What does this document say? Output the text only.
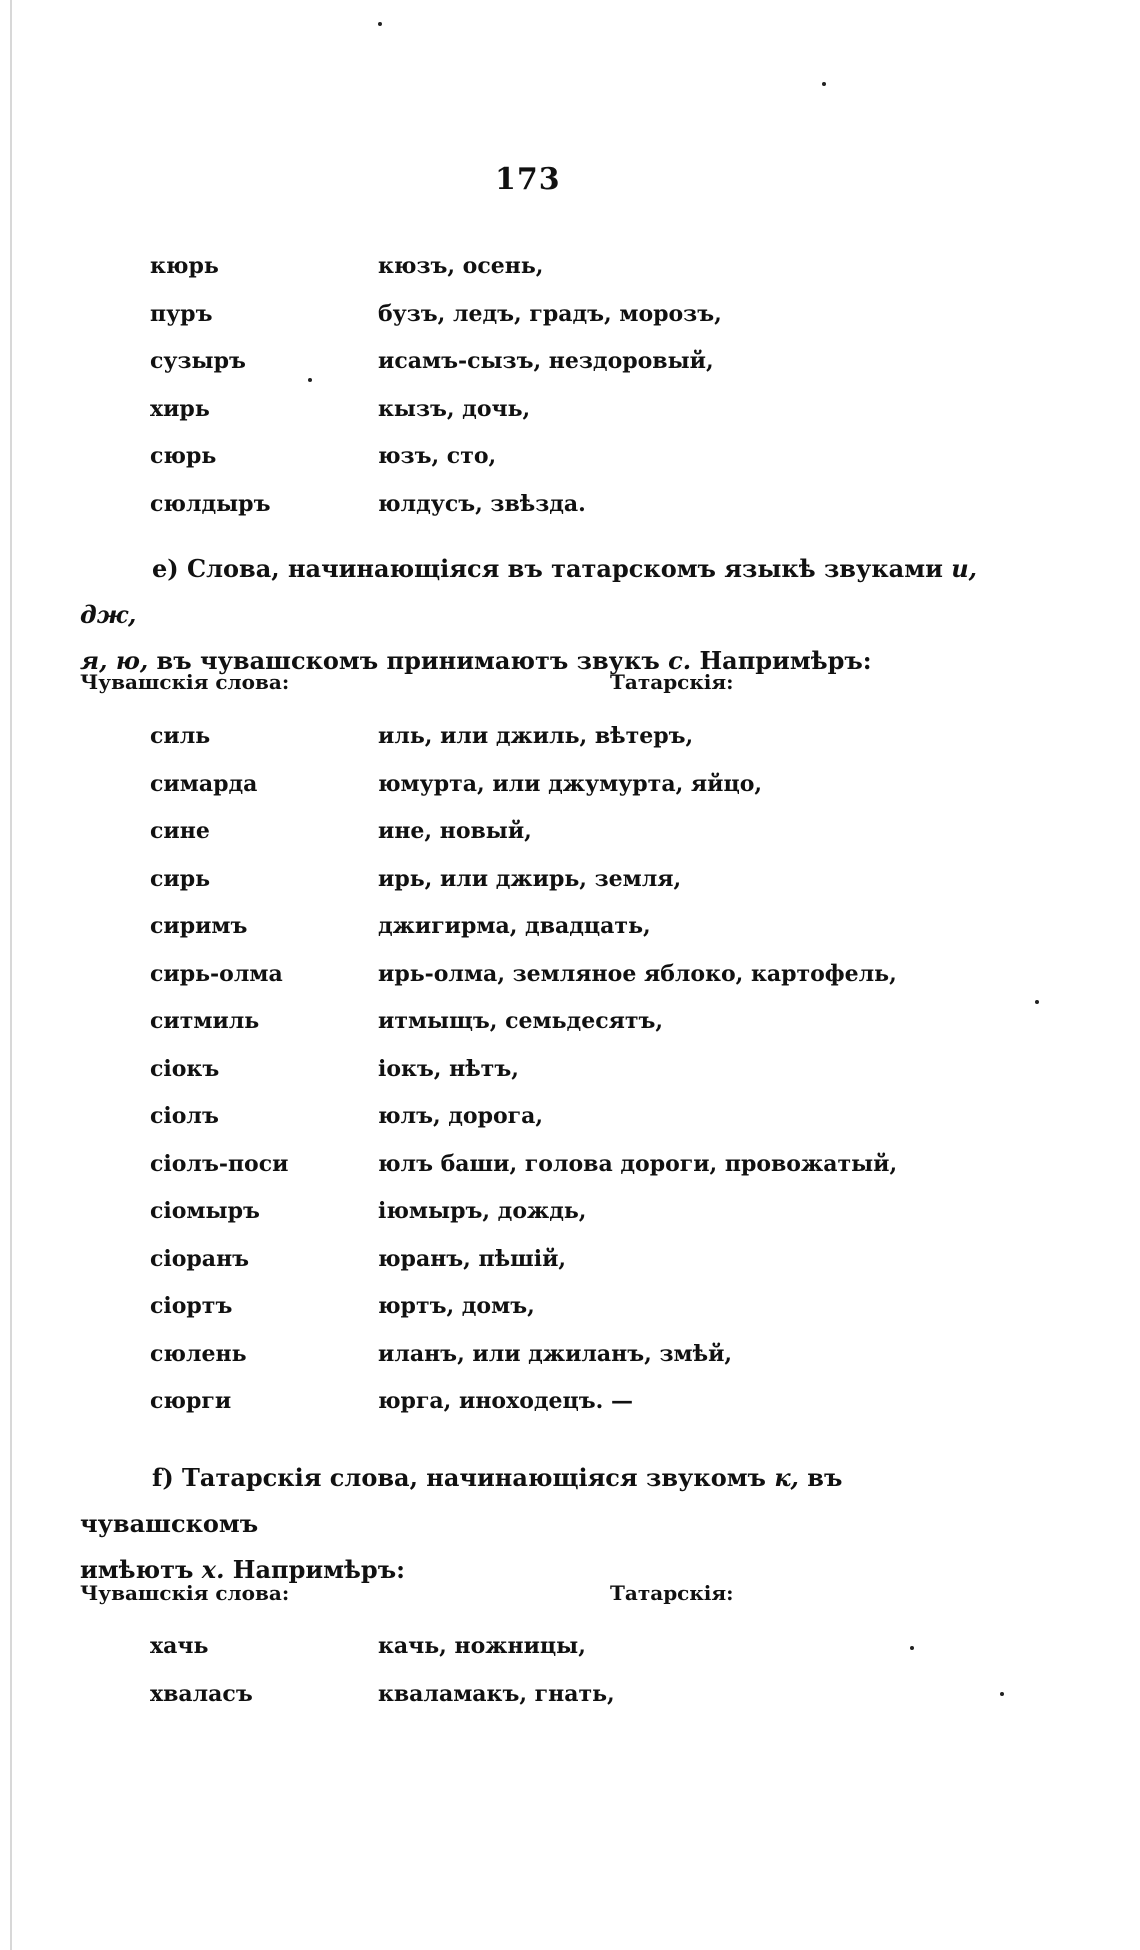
173
кюрь	кюзъ, осень,
пуръ	бузъ, ледъ, градъ, морозъ,
сузыръ	исамъ-сызъ, нездоровый,
хирь	кызъ, дочь,
сюрь	юзъ, сто,
сюлдыръ	юлдусъ, звѣзда.
e) Слова, начинающіяся въ татарскомъ языкѣ звуками и, дж,
я, ю, въ чувашскомъ принимаютъ звукъ с. Напримѣръ:
Чувашскія слова:	Татарскія:
силь	иль, или джиль, вѣтеръ,
симарда	юмурта, или джумурта, яйцо,
сине	ине, новый,
сирь	ирь, или джирь, земля,
сиримъ	джигирма, двадцать,
сирь-олма	ирь-олма, земляное яблоко, картофель,
ситмиль	итмыщъ, семьдесятъ,
сіокъ	іокъ, нѣтъ,
сіолъ	юлъ, дорога,
сіолъ-поси	юлъ баши, голова дороги, провожатый,
сіомыръ	іюмыръ, дождь,
сіоранъ	юранъ, пѣшій,
сіортъ	юртъ, домъ,
сюлень	иланъ, или джиланъ, змѣй,
сюрги	юрга, иноходецъ. —
f) Татарскія слова, начинающіяся звукомъ к, въ чувашскомъ
имѣютъ х. Напримѣръ:
Чувашскія слова:	Татарскія:
хачь	качь, ножницы,
хваласъ	кваламакъ, гнать,
